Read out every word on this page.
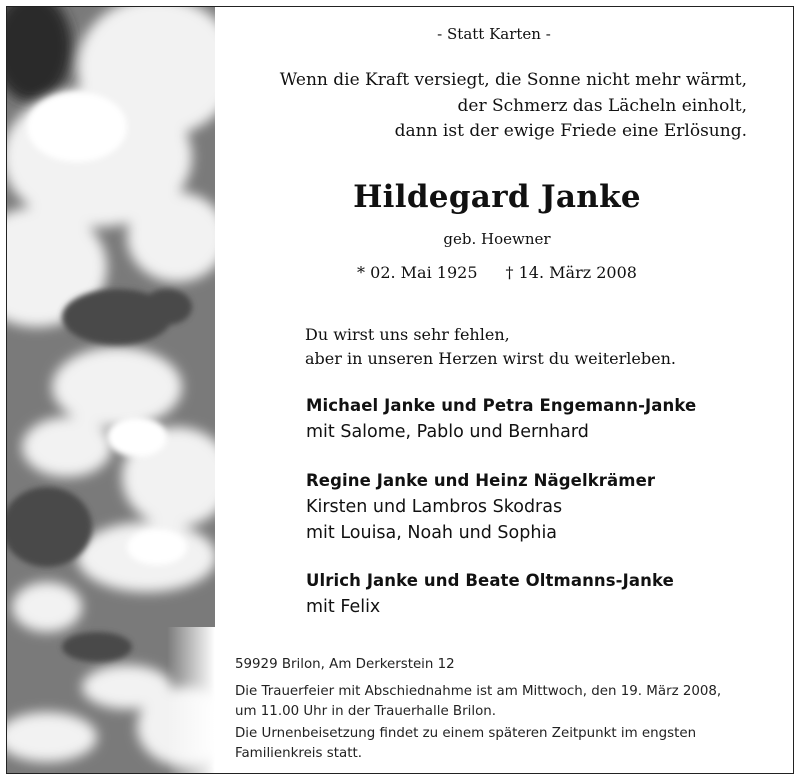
- Statt Karten -
Wenn die Kraft versiegt, die Sonne nicht mehr wärmt,
der Schmerz das Lächeln einholt,
dann ist der ewige Friede eine Erlösung.
Hildegard Janke
geb. Hoewner
* 02. Mai 1925 † 14. März 2008
Du wirst uns sehr fehlen,
aber in unseren Herzen wirst du weiterleben.
Michael Janke und Petra Engemann-Janke
mit Salome, Pablo und Bernhard
Regine Janke und Heinz Nägelkrämer
Kirsten und Lambros Skodras
mit Louisa, Noah und Sophia
Ulrich Janke und Beate Oltmanns-Janke
mit Felix
59929 Brilon, Am Derkerstein 12
Die Trauerfeier mit Abschiednahme ist am Mittwoch, den 19. März 2008,
um 11.00 Uhr in der Trauerhalle Brilon.
Die Urnenbeisetzung findet zu einem späteren Zeitpunkt im engsten
Familienkreis statt.
